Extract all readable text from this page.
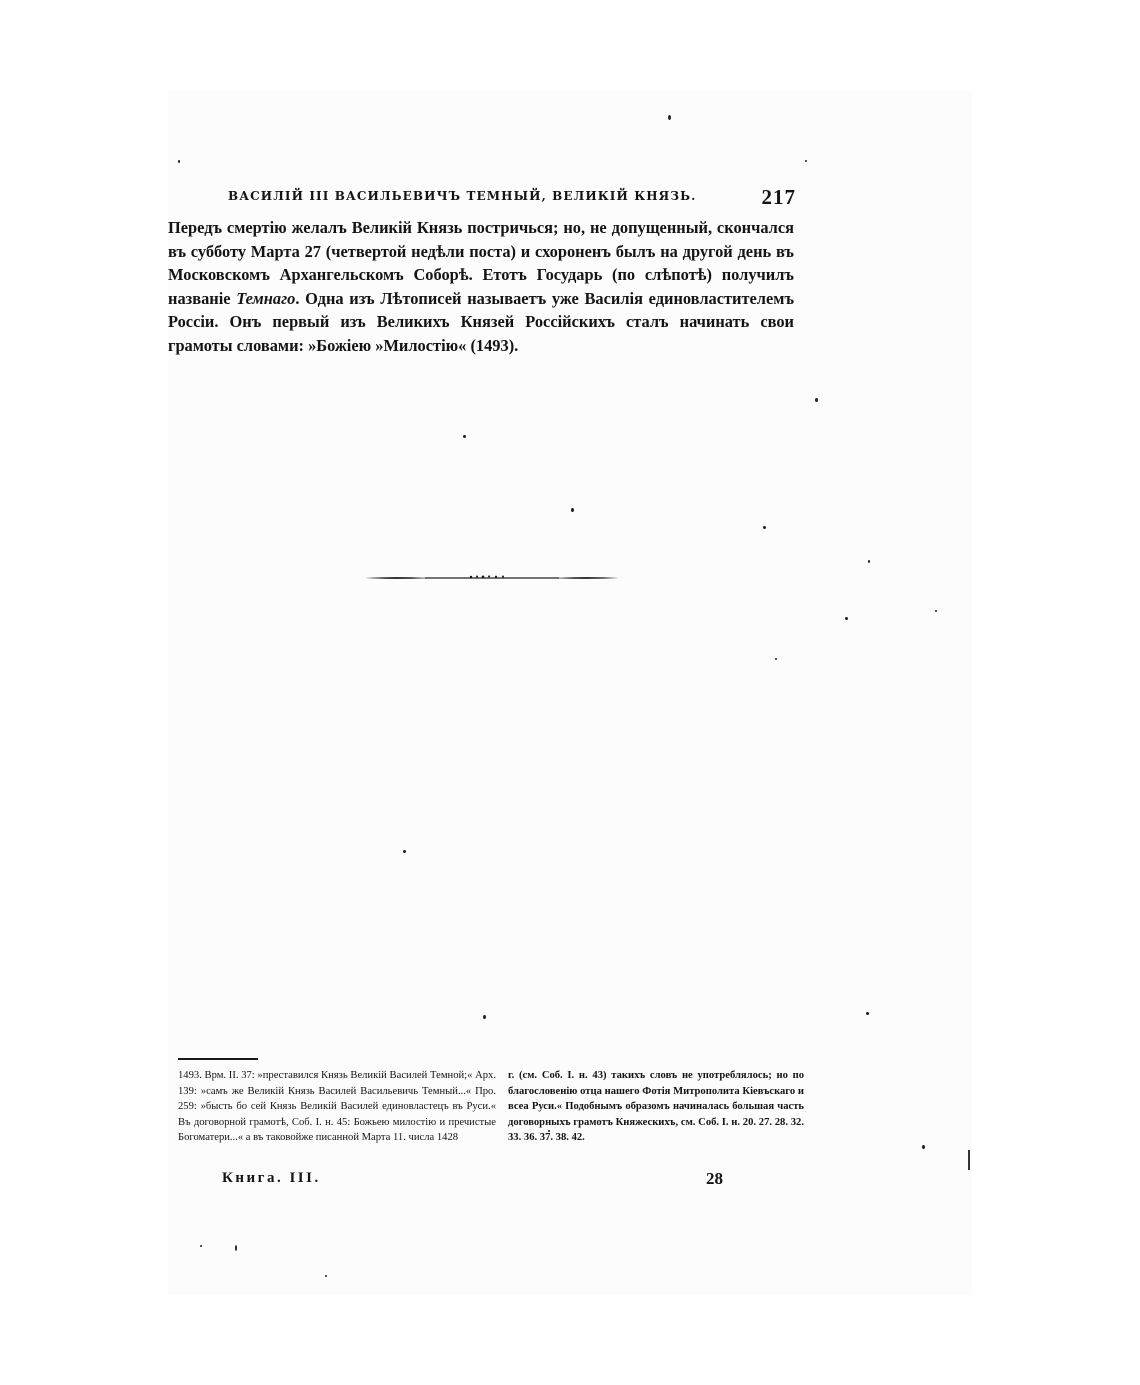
ВАСИЛІЙ III ВАСИЛЬЕВИЧЪ ТЕМНЫЙ, ВЕЛИКІЙ КНЯЗЬ.	217

Передъ смертію желалъ Великій Князь постричься; но, не допущенный, скончался въ субботу Марта 27 (четвертой недѣли поста) и схороненъ былъ на другой день въ Московскомъ Архангельскомъ Соборѣ. Етотъ Государь (по слѣпотѣ) получилъ названіе Темнаго. Одна изъ Лѣтописей называетъ уже Василія единовластителемъ Россіи. Онъ первый изъ Великихъ Князей Россійскихъ сталъ начинать свои грамоты словами: »Божіею »Милостію« (1493).

1493. Врм. II. 37: »преставился Князь Великій Василей Темной;« Арх. 139: »самъ же Великій Князь Василей Васильевичь Темный...« Про. 259: »бысть бо сей Князь Великій Василей единовластецъ въ Руси.« Въ договорной грамотѣ, Соб. I. н. 45: Божьею милостію и пречистые Богоматери...« а въ таковойже писанной Марта 11. числа 1428

г. (см. Соб. I. н. 43) такихъ словъ не употреблялось; но по благословенію отца нашего Фотія Митрополита Кіевъскаго и всеа Руси.« Подобнымъ образомъ начиналась большая часть договорныхъ грамотъ Княжескихъ, см. Соб. I. н. 20. 27. 28. 32. 33. 36. 37. 38. 42.

Книга. III.	28
